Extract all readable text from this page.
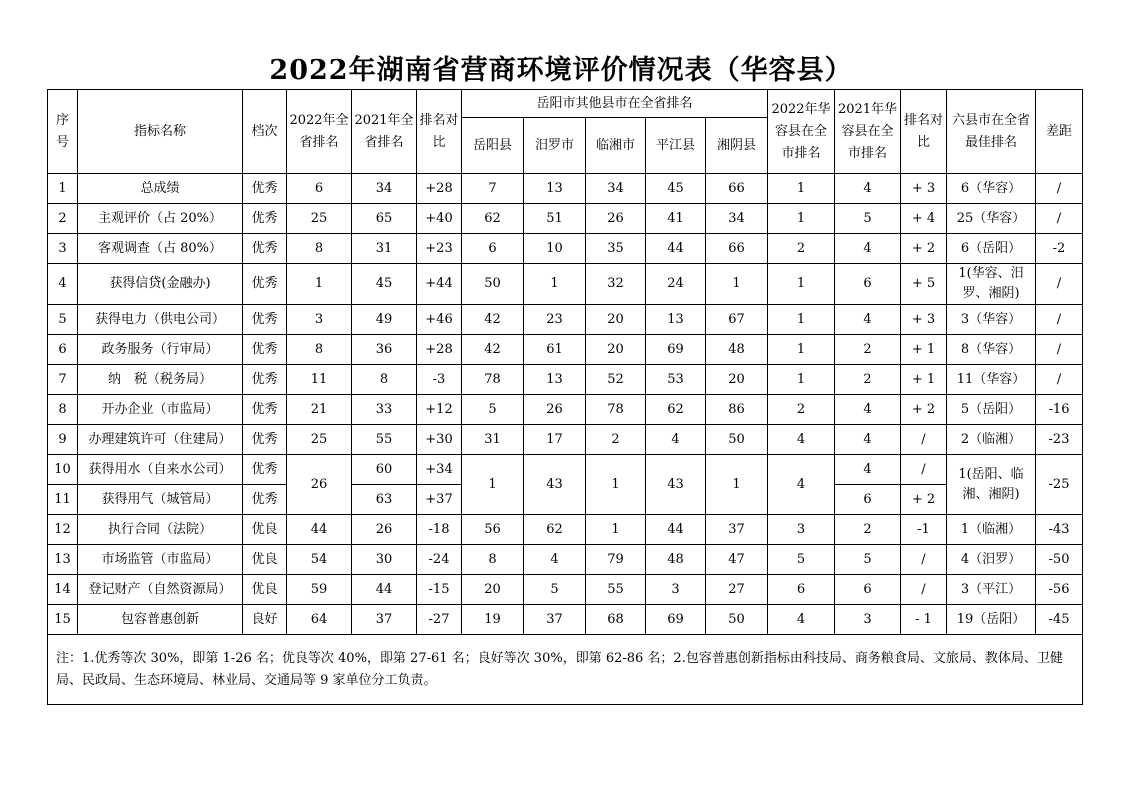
2022年湖南省营商环境评价情况表（华容县）
序号	指标名称	档次	2022年全省排名	2021年全省排名	排名对比	岳阳市其他县市在全省排名					2022年华容县在全市排名	2021年华容县在全市排名	排名对比	六县市在全省最佳排名	差距
						岳阳县	汨罗市	临湘市	平江县	湘阴县					
1	总成绩	优秀	6	34	+28	7	13	34	45	66	1	4	+ 3	6（华容）	/
2	主观评价（占 20%）	优秀	25	65	+40	62	51	26	41	34	1	5	+ 4	25（华容）	/
3	客观调查（占 80%）	优秀	8	31	+23	6	10	35	44	66	2	4	+ 2	6（岳阳）	-2
4	获得信贷(金融办)	优秀	1	45	+44	50	1	32	24	1	1	6	+ 5	1(华容、汨罗、湘阴)	/
5	获得电力（供电公司）	优秀	3	49	+46	42	23	20	13	67	1	4	+ 3	3（华容）	/
6	政务服务（行审局）	优秀	8	36	+28	42	61	20	69	48	1	2	+ 1	8（华容）	/
7	纳　税（税务局）	优秀	11	8	-3	78	13	52	53	20	1	2	+ 1	11（华容）	/
8	开办企业（市监局）	优秀	21	33	+12	5	26	78	62	86	2	4	+ 2	5（岳阳）	-16
9	办理建筑许可（住建局）	优秀	25	55	+30	31	17	2	4	50	4	4	/	2（临湘）	-23
10	获得用水（自来水公司）	优秀	26	60	+34	1	43	1	43	1	4	4	/	1(岳阳、临湘、湘阴)	-25
11	获得用气（城管局）	优秀		63	+37							6	+ 2		
12	执行合同（法院）	优良	44	26	-18	56	62	1	44	37	3	2	-1	1（临湘）	-43
13	市场监管（市监局）	优良	54	30	-24	8	4	79	48	47	5	5	/	4（汨罗）	-50
14	登记财产（自然资源局）	优良	59	44	-15	20	5	55	3	27	6	6	/	3（平江）	-56
15	包容普惠创新	良好	64	37	-27	19	37	68	69	50	4	3	- 1	19（岳阳）	-45
注：1.优秀等次 30%，即第 1-26 名；优良等次 40%，即第 27-61 名；良好等次 30%，即第 62-86 名；2.包容普惠创新指标由科技局、商务粮食局、文旅局、教体局、卫健局、民政局、生态环境局、林业局、交通局等 9 家单位分工负责。															
